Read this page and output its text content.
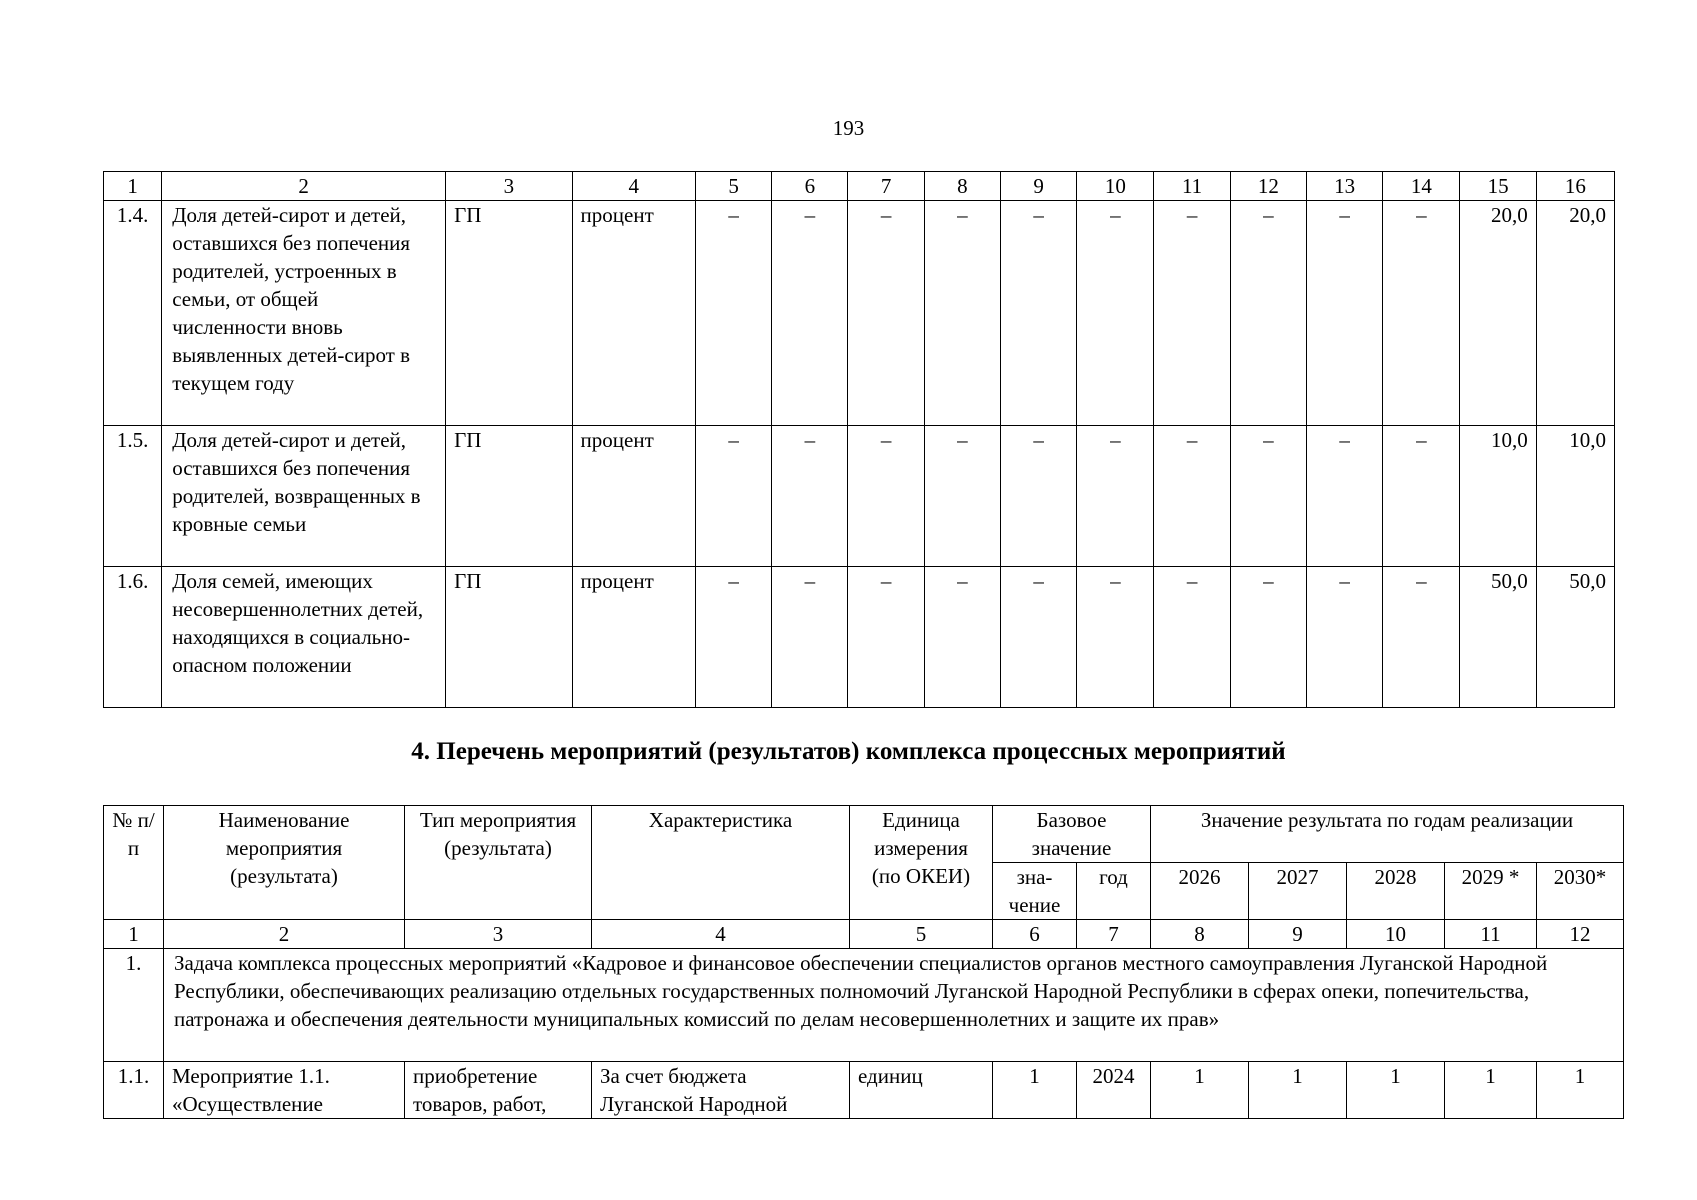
193
1	2	3	4	5	6	7	8	9	10	11	12	13	14	15	16
1.4.	Доля детей-сирот и детей, оставшихся без попечения родителей, устроенных в семьи, от общей численности вновь выявленных детей-сирот в текущем году	ГП	процент	–	–	–	–	–	–	–	–	–	–	20,0	20,0
1.5.	Доля детей-сирот и детей, оставшихся без попечения родителей, возвращенных в кровные семьи	ГП	процент	–	–	–	–	–	–	–	–	–	–	10,0	10,0
1.6.	Доля семей, имеющих несовершеннолетних детей, находящихся в социально-опасном положении	ГП	процент	–	–	–	–	–	–	–	–	–	–	50,0	50,0
4. Перечень мероприятий (результатов) комплекса процессных мероприятий
№ п/п	Наименование мероприятия (результата)	Тип мероприятия (результата)	Характеристика	Единица измерения (по ОКЕИ)	Базовое значение		Значение результата по годам реализации				
					зна-чение	год	2026	2027	2028	2029 *	2030*
1	2	3	4	5	6	7	8	9	10	11	12
1.	Задача комплекса процессных мероприятий «Кадровое и финансовое обеспечении специалистов органов местного самоуправления Луганской Народной Республики, обеспечивающих реализацию отдельных государственных полномочий Луганской Народной Республики в сферах опеки, попечительства, патронажа и обеспечения деятельности муниципальных комиссий по делам несовершеннолетних и защите их прав»										
1.1.	Мероприятие 1.1. «Осуществление	приобретение товаров, работ,	За счет бюджета Луганской Народной	единиц	1	2024	1	1	1	1	1
